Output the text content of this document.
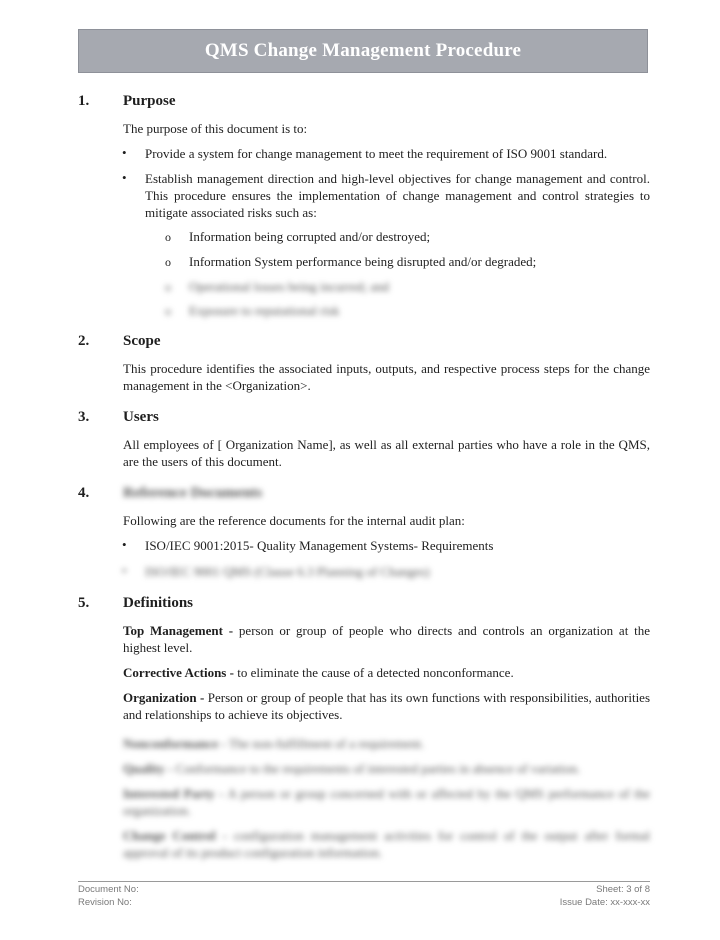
QMS Change Management Procedure
1. Purpose
The purpose of this document is to:
• Provide a system for change management to meet the requirement of ISO 9001 standard.
• Establish management direction and high-level objectives for change management and control. This procedure ensures the implementation of change management and control strategies to mitigate associated risks such as:
o Information being corrupted and/or destroyed;
o Information System performance being disrupted and/or degraded;
o Operational losses being incurred; and
o Exposure to reputational risk
2. Scope
This procedure identifies the associated inputs, outputs, and respective process steps for the change management in the <Organization>.
3. Users
All employees of [ Organization Name], as well as all external parties who have a role in the QMS, are the users of this document.
4. Reference Documents
Following are the reference documents for the internal audit plan:
• ISO/IEC 9001:2015- Quality Management Systems- Requirements
• ISO/IEC 9001 QMS (Clause 6.3 Planning of Changes)
5. Definitions
Top Management - person or group of people who directs and controls an organization at the highest level.
Corrective Actions - to eliminate the cause of a detected nonconformance.
Organization - Person or group of people that has its own functions with responsibilities, authorities and relationships to achieve its objectives.
Nonconformance - The non-fulfillment of a requirement.
Quality - Conformance to the requirements of interested parties in absence of variation.
Interested Party - A person or group concerned with or affected by the QMS performance of the organization.
Change Control - configuration management activities for control of the output after formal approval of its product configuration information.
Document No:
Revision No:
Sheet: 3 of 8
Issue Date: xx-xxx-xx
